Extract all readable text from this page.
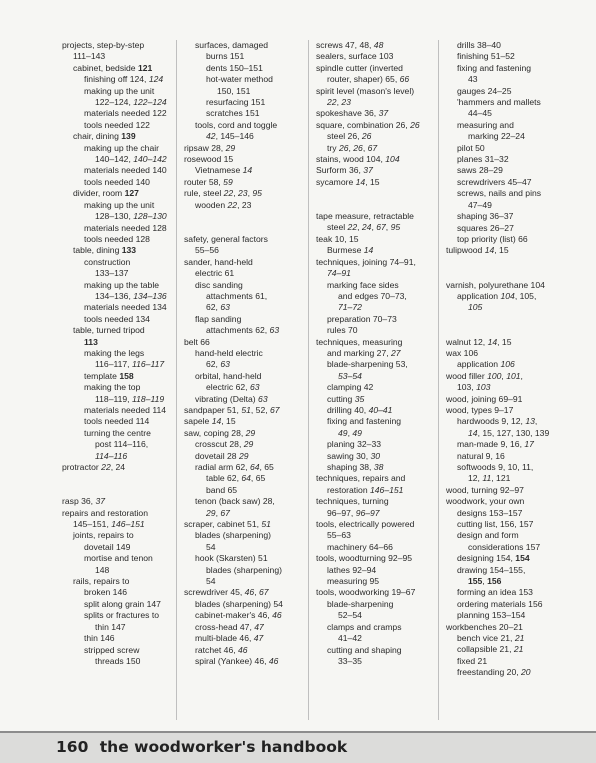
projects, step-by-step
111–143
cabinet, bedside 121
finishing off 124, 124
making up the unit
122–124, 122–124
materials needed 122
tools needed 122
chair, dining 139
making up the chair
140–142, 140–142
materials needed 140
tools needed 140
divider, room 127
making up the unit
128–130, 128–130
materials needed 128
tools needed 128
table, dining 133
construction
133–137
making up the table
134–136, 134–136
materials needed 134
tools needed 134
table, turned tripod
113
making the legs
116–117, 116–117
template 158
making the top
118–119, 118–119
materials needed 114
tools needed 114
turning the centre
post 114–116,
114–116
protractor 22, 24
rasp 36, 37
repairs and restoration
145–151, 146–151
joints, repairs to
dovetail 149
mortise and tenon
148
rails, repairs to
broken 146
split along grain 147
splits or fractures to
thin 147
thin 146
stripped screw
threads 150
surfaces, damaged
burns 151
dents 150–151
hot-water method
150, 151
resurfacing 151
scratches 151
tools, cord and toggle
42, 145–146
ripsaw 28, 29
rosewood 15
Vietnamese 14
router 58, 59
rule, steel 22, 23, 95
wooden 22, 23
safety, general factors
55–56
sander, hand-held
electric 61
disc sanding
attachments 61,
62, 63
flap sanding
attachments 62, 63
belt 66
hand-held electric
62, 63
orbital, hand-held
electric 62, 63
vibrating (Delta) 63
sandpaper 51, 51, 52, 67
sapele 14, 15
saw, coping 28, 29
crosscut 28, 29
dovetail 28 29
radial arm 62, 64, 65
table 62, 64, 65
band 65
tenon (back saw) 28,
29, 67
scraper, cabinet 51, 51
blades (sharpening)
54
hook (Skarsten) 51
blades (sharpening)
54
screwdriver 45, 46, 67
blades (sharpening) 54
cabinet-maker's 46, 46
cross-head 47, 47
multi-blade 46, 47
ratchet 46, 46
spiral (Yankee) 46, 46
screws 47, 48, 48
sealers, surface 103
spindle cutter (inverted
router, shaper) 65, 66
spirit level (mason's level)
22, 23
spokeshave 36, 37
square, combination 26, 26
steel 26, 26
try 26, 26, 67
stains, wood 104, 104
Surform 36, 37
sycamore 14, 15
tape measure, retractable
steel 22, 24, 67, 95
teak 10, 15
Burmese 14
techniques, joining 74–91,
74–91
marking face sides
and edges 70–73,
71–72
preparation 70–73
rules 70
techniques, measuring
and marking 27, 27
blade-sharpening 53,
53–54
clamping 42
cutting 35
drilling 40, 40–41
fixing and fastening
49, 49
planing 32–33
sawing 30, 30
shaping 38, 38
techniques, repairs and
restoration 146–151
techniques, turning
96–97, 96–97
tools, electrically powered
55–63
machinery 64–66
tools, woodturning 92–95
lathes 92–94
measuring 95
tools, woodworking 19–67
blade-sharpening
52–54
clamps and cramps
41–42
cutting and shaping
33–35
drills 38–40
finishing 51–52
fixing and fastening
43
gauges 24–25
'hammers and mallets
44–45
measuring and
marking 22–24
pilot 50
planes 31–32
saws 28–29
screwdrivers 45–47
screws, nails and pins
47–49
shaping 36–37
squares 26–27
top priority (list) 66
tulipwood 14, 15
varnish, polyurethane 104
application 104, 105,
105
walnut 12, 14, 15
wax 106
application 106
wood filler 100, 101,
103, 103
wood, joining 69–91
wood, types 9–17
hardwoods 9, 12, 13,
14, 15, 127, 130, 139
man-made 9, 16, 17
natural 9, 16
softwoods 9, 10, 11,
12, 11, 121
wood, turning 92–97
woodwork, your own
designs 153–157
cutting list, 156, 157
design and form
considerations 157
designing 154, 154
drawing 154–155,
155, 156
forming an idea 153
ordering materials 156
planning 153–154
workbenches 20–21
bench vice 21, 21
collapsible 21, 21
fixed 21
freestanding 20, 20
160 the woodworker's handbook
